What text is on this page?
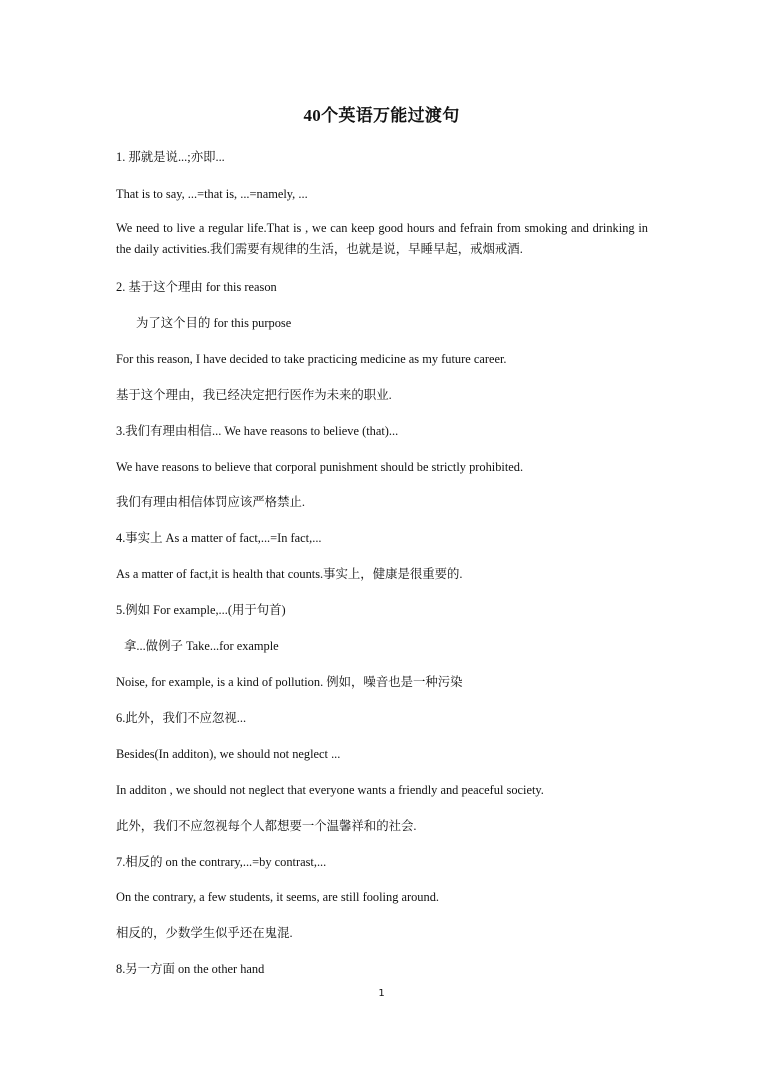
40个英语万能过渡句
1. 那就是说...;亦即...
That is to say, ...=that is, ...=namely, ...
We need to live a regular life.That is , we can keep good hours and fefrain from smoking and drinking in the daily activities.我们需要有规律的生活，也就是说，早睡早起，戒烟戒酒.
2. 基于这个理由 for this reason
为了这个目的 for this purpose
For this reason, I have decided to take practicing medicine as my future career.
基于这个理由，我已经决定把行医作为未来的职业.
3.我们有理由相信... We have reasons to believe (that)...
We have reasons to believe that corporal punishment should be strictly prohibited.
我们有理由相信体罚应该严格禁止.
4.事实上 As a matter of fact,...=In fact,...
As a matter of fact,it is health that counts.事实上，健康是很重要的.
5.例如 For example,...(用于句首)
拿...做例子 Take...for example
Noise, for example, is a kind of pollution. 例如，噪音也是一种污染
6.此外，我们不应忽视...
Besides(In additon), we should not neglect ...
In additon , we should not neglect that everyone wants a friendly and peaceful society.
此外，我们不应忽视每个人都想要一个温馨祥和的社会.
7.相反的 on the contrary,...=by contrast,...
On the contrary, a few students, it seems, are still fooling around.
相反的，少数学生似乎还在鬼混.
8.另一方面 on the other hand
1
